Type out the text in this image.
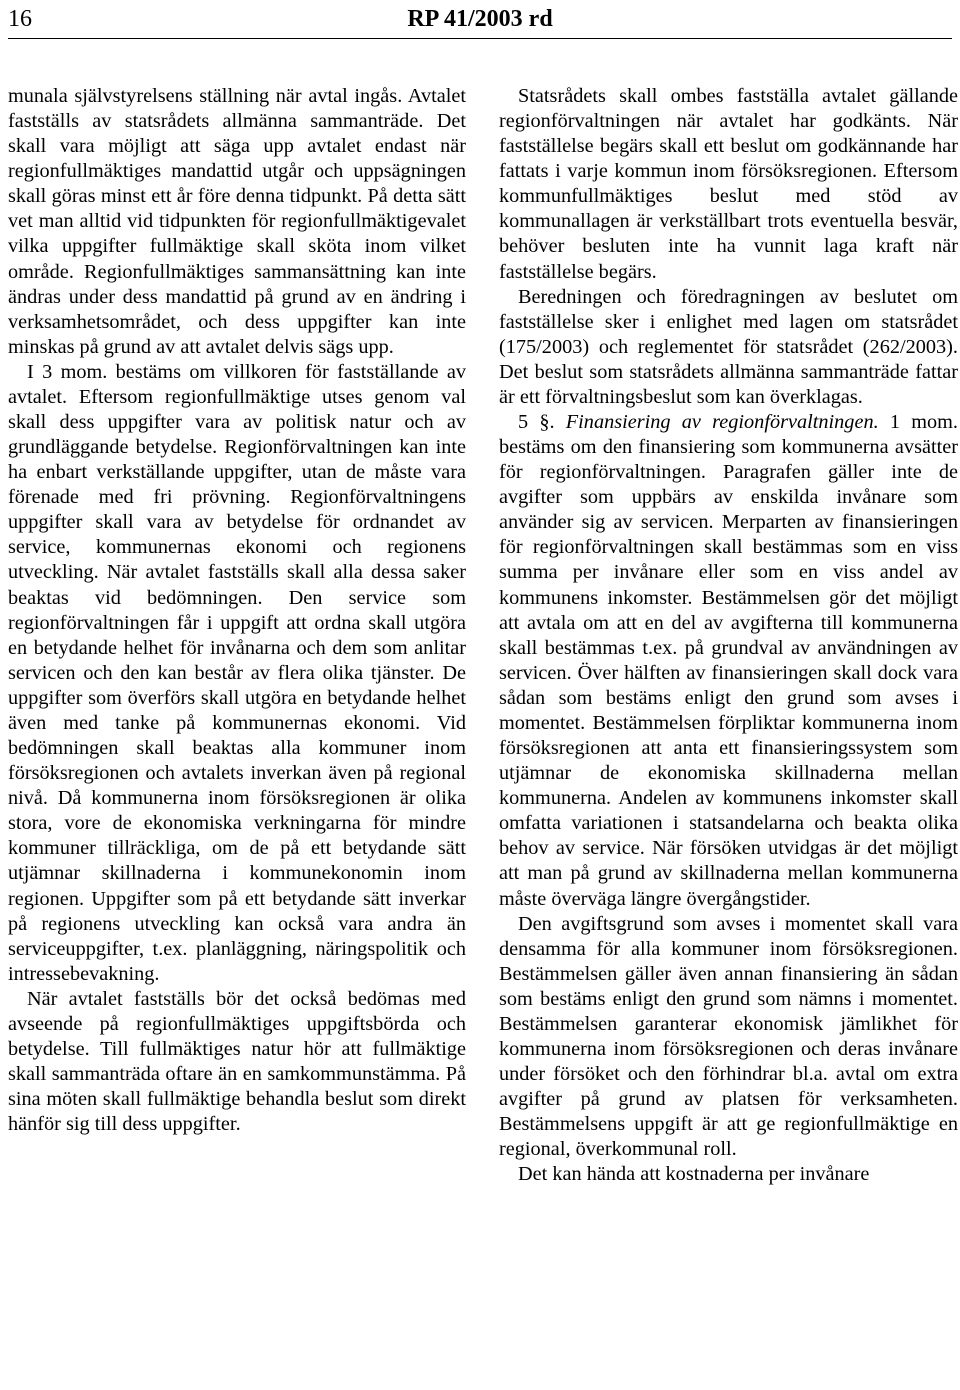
16	RP 41/2003 rd

munala självstyrelsens ställning när avtal ingås. Avtalet fastställs av statsrådets allmänna sammanträde. Det skall vara möjligt att säga upp avtalet endast när regionfullmäktiges mandattid utgår och uppsägningen skall göras minst ett år före denna tidpunkt. På detta sätt vet man alltid vid tidpunkten för regionfullmäktigevalet vilka uppgifter fullmäktige skall sköta inom vilket område. Regionfullmäktiges sammansättning kan inte ändras under dess mandattid på grund av en ändring i verksamhetsområdet, och dess uppgifter kan inte minskas på grund av att avtalet delvis sägs upp.

I 3 mom. bestäms om villkoren för fastställande av avtalet. Eftersom regionfullmäktige utses genom val skall dess uppgifter vara av politisk natur och av grundläggande betydelse. Regionförvaltningen kan inte ha enbart verkställande uppgifter, utan de måste vara förenade med fri prövning. Regionförvaltningens uppgifter skall vara av betydelse för ordnandet av service, kommunernas ekonomi och regionens utveckling. När avtalet fastställs skall alla dessa saker beaktas vid bedömningen. Den service som regionförvaltningen får i uppgift att ordna skall utgöra en betydande helhet för invånarna och dem som anlitar servicen och den kan består av flera olika tjänster. De uppgifter som överförs skall utgöra en betydande helhet även med tanke på kommunernas ekonomi. Vid bedömningen skall beaktas alla kommuner inom försöksregionen och avtalets inverkan även på regional nivå. Då kommunerna inom försöksregionen är olika stora, vore de ekonomiska verkningarna för mindre kommuner tillräckliga, om de på ett betydande sätt utjämnar skillnaderna i kommunekonomin inom regionen. Uppgifter som på ett betydande sätt inverkar på regionens utveckling kan också vara andra än serviceuppgifter, t.ex. planläggning, näringspolitik och intressebevakning.

När avtalet fastställs bör det också bedömas med avseende på regionfullmäktiges uppgiftsbörda och betydelse. Till fullmäktiges natur hör att fullmäktige skall sammanträda oftare än en samkommunstämma. På sina möten skall fullmäktige behandla beslut som direkt hänför sig till dess uppgifter.

Statsrådets skall ombes fastställa avtalet gällande regionförvaltningen när avtalet har godkänts. När fastställelse begärs skall ett beslut om godkännande har fattats i varje kommun inom försöksregionen. Eftersom kommunfullmäktiges beslut med stöd av kommunallagen är verkställbart trots eventuella besvär, behöver besluten inte ha vunnit laga kraft när fastställelse begärs.

Beredningen och föredragningen av beslutet om fastställelse sker i enlighet med lagen om statsrådet (175/2003) och reglementet för statsrådet (262/2003). Det beslut som statsrådets allmänna sammanträde fattar är ett förvaltningsbeslut som kan överklagas.

5 §. Finansiering av regionförvaltningen. 1 mom. bestäms om den finansiering som kommunerna avsätter för regionförvaltningen. Paragrafen gäller inte de avgifter som uppbärs av enskilda invånare som använder sig av servicen. Merparten av finansieringen för regionförvaltningen skall bestämmas som en viss summa per invånare eller som en viss andel av kommunens inkomster. Bestämmelsen gör det möjligt att avtala om att en del av avgifterna till kommunerna skall bestämmas t.ex. på grundval av användningen av servicen. Över hälften av finansieringen skall dock vara sådan som bestäms enligt den grund som avses i momentet. Bestämmelsen förpliktar kommunerna inom försöksregionen att anta ett finansieringssystem som utjämnar de ekonomiska skillnaderna mellan kommunerna. Andelen av kommunens inkomster skall omfatta variationen i statsandelarna och beakta olika behov av service. När försöken utvidgas är det möjligt att man på grund av skillnaderna mellan kommunerna måste överväga längre övergångstider.

Den avgiftsgrund som avses i momentet skall vara densamma för alla kommuner inom försöksregionen. Bestämmelsen gäller även annan finansiering än sådan som bestäms enligt den grund som nämns i momentet. Bestämmelsen garanterar ekonomisk jämlikhet för kommunerna inom försöksregionen och deras invånare under försöket och den förhindrar bl.a. avtal om extra avgifter på grund av platsen för verksamheten. Bestämmelsens uppgift är att ge regionfullmäktige en regional, överkommunal roll.

Det kan hända att kostnaderna per invånare
